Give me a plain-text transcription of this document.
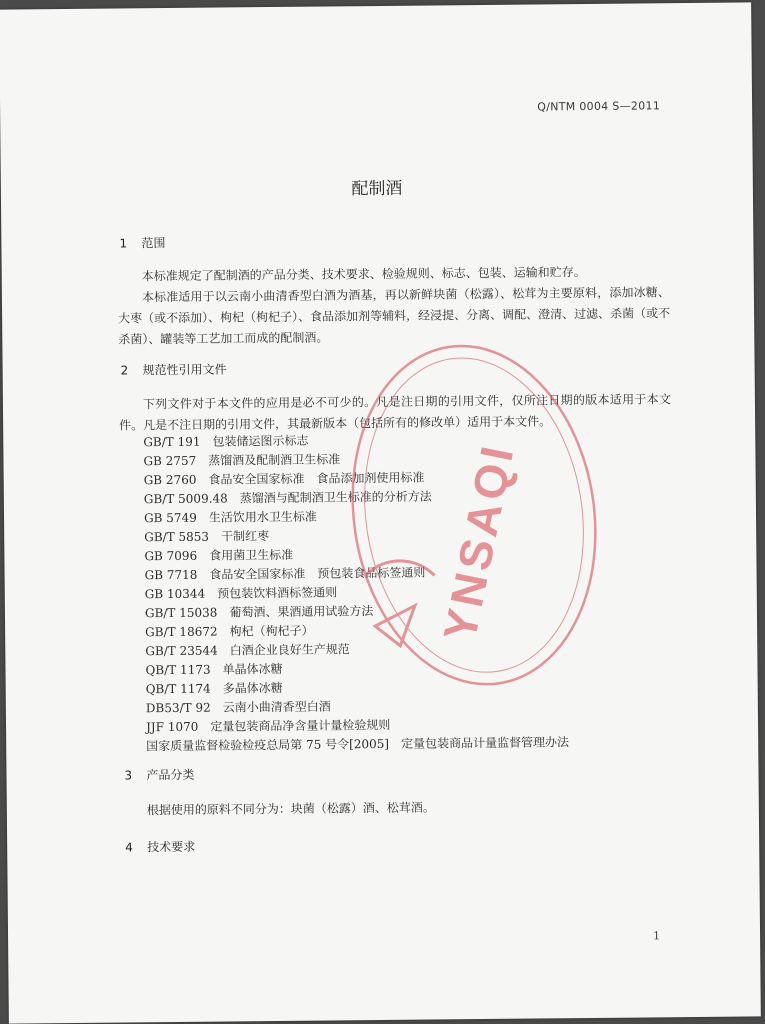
Q/NTM 0004 S—2011
配制酒
1 范围

本标准规定了配制酒的产品分类、技术要求、检验规则、标志、包装、运输和贮存。

本标准适用于以云南小曲清香型白酒为酒基，再以新鲜块菌（松露）、松茸为主要原料，添加冰糖、大枣（或不添加）、枸杞（枸杞子）、食品添加剂等辅料，经浸提、分离、调配、澄清、过滤、杀菌（或不杀菌）、罐装等工艺加工而成的配制酒。

2 规范性引用文件

下列文件对于本文件的应用是必不可少的。凡是注日期的引用文件，仅所注日期的版本适用于本文件。凡是不注日期的引用文件，其最新版本（包括所有的修改单）适用于本文件。

GB/T 191 包装储运图示标志
GB 2757 蒸馏酒及配制酒卫生标准
GB 2760 食品安全国家标准　食品添加剂使用标准
GB/T 5009.48 蒸馏酒与配制酒卫生标准的分析方法
GB 5749 生活饮用水卫生标准
GB/T 5853 干制红枣
GB 7096 食用菌卫生标准
GB 7718 食品安全国家标准　预包装食品标签通则
GB 10344 预包装饮料酒标签通则
GB/T 15038 葡萄酒、果酒通用试验方法
GB/T 18672 枸杞（枸杞子）
GB/T 23544 白酒企业良好生产规范
QB/T 1173 单晶体冰糖
QB/T 1174 多晶体冰糖
DB53/T 92 云南小曲清香型白酒
JJF 1070 定量包装商品净含量计量检验规则
国家质量监督检验检疫总局第 75 号令[2005] 定量包装商品计量监督管理办法
3 产品分类

根据使用的原料不同分为：块菌（松露）酒、松茸酒。

4 技术要求
1
YNSAQI
